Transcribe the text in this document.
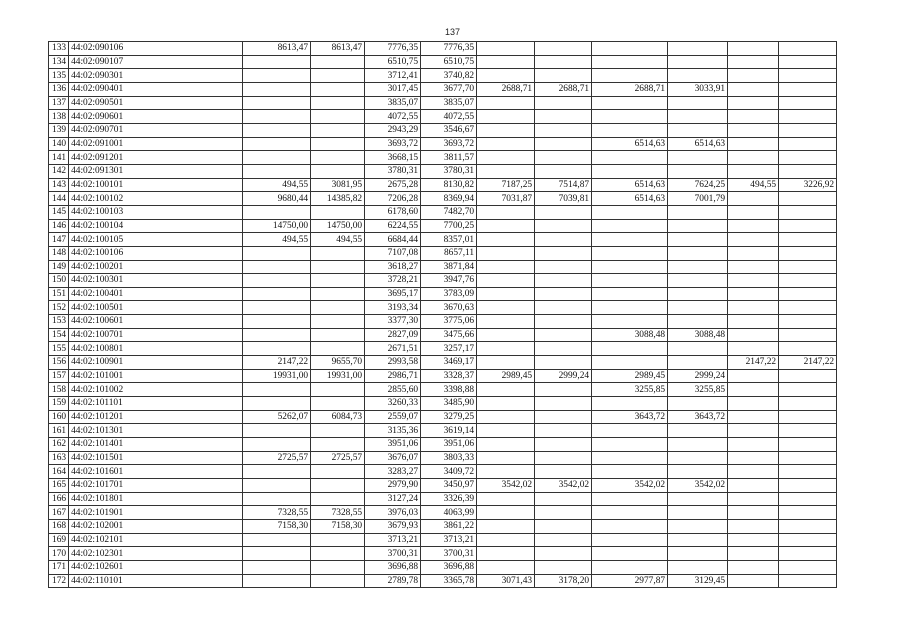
137
133	44:02:090106	8613,47	8613,47	7776,35	7776,35						
134	44:02:090107			6510,75	6510,75						
135	44:02:090301			3712,41	3740,82						
136	44:02:090401			3017,45	3677,70	2688,71	2688,71	2688,71	3033,91		
137	44:02:090501			3835,07	3835,07						
138	44:02:090601			4072,55	4072,55						
139	44:02:090701			2943,29	3546,67						
140	44:02:091001			3693,72	3693,72			6514,63	6514,63		
141	44:02:091201			3668,15	3811,57						
142	44:02:091301			3780,31	3780,31						
143	44:02:100101	494,55	3081,95	2675,28	8130,82	7187,25	7514,87	6514,63	7624,25	494,55	3226,92
144	44:02:100102	9680,44	14385,82	7206,28	8369,94	7031,87	7039,81	6514,63	7001,79		
145	44:02:100103			6178,60	7482,70						
146	44:02:100104	14750,00	14750,00	6224,55	7700,25						
147	44:02:100105	494,55	494,55	6684,44	8357,01						
148	44:02:100106			7107,08	8657,11						
149	44:02:100201			3618,27	3871,84						
150	44:02:100301			3728,21	3947,76						
151	44:02:100401			3695,17	3783,09						
152	44:02:100501			3193,34	3670,63						
153	44:02:100601			3377,30	3775,06						
154	44:02:100701			2827,09	3475,66			3088,48	3088,48		
155	44:02:100801			2671,51	3257,17						
156	44:02:100901	2147,22	9655,70	2993,58	3469,17					2147,22	2147,22
157	44:02:101001	19931,00	19931,00	2986,71	3328,37	2989,45	2999,24	2989,45	2999,24		
158	44:02:101002			2855,60	3398,88			3255,85	3255,85		
159	44:02:101101			3260,33	3485,90						
160	44:02:101201	5262,07	6084,73	2559,07	3279,25			3643,72	3643,72		
161	44:02:101301			3135,36	3619,14						
162	44:02:101401			3951,06	3951,06						
163	44:02:101501	2725,57	2725,57	3676,07	3803,33						
164	44:02:101601			3283,27	3409,72						
165	44:02:101701			2979,90	3450,97	3542,02	3542,02	3542,02	3542,02		
166	44:02:101801			3127,24	3326,39						
167	44:02:101901	7328,55	7328,55	3976,03	4063,99						
168	44:02:102001	7158,30	7158,30	3679,93	3861,22						
169	44:02:102101			3713,21	3713,21						
170	44:02:102301			3700,31	3700,31						
171	44:02:102601			3696,88	3696,88						
172	44:02:110101			2789,78	3365,78	3071,43	3178,20	2977,87	3129,45		
